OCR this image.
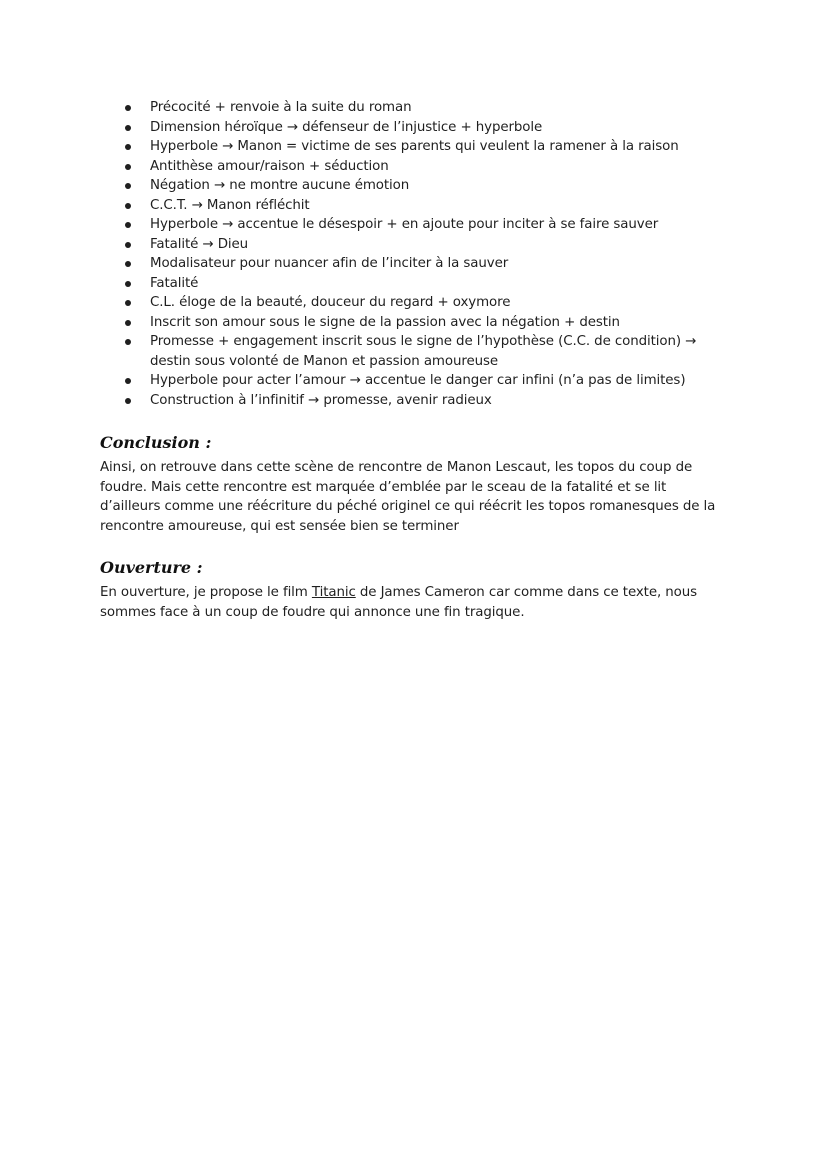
Précocité + renvoie à la suite du roman
Dimension héroïque → défenseur de l’injustice + hyperbole
Hyperbole → Manon = victime de ses parents qui veulent la ramener à la raison
Antithèse amour/raison + séduction
Négation → ne montre aucune émotion
C.C.T. → Manon réfléchit
Hyperbole → accentue le désespoir + en ajoute pour inciter à se faire sauver
Fatalité → Dieu
Modalisateur pour nuancer afin de l’inciter à la sauver
Fatalité
C.L. éloge de la beauté, douceur du regard + oxymore
Inscrit son amour sous le signe de la passion avec la négation + destin
Promesse + engagement inscrit sous le signe de l’hypothèse (C.C. de condition) → destin sous volonté de Manon et passion amoureuse
Hyperbole pour acter l’amour → accentue le danger car infini (n’a pas de limites)
Construction à l’infinitif → promesse, avenir radieux
Conclusion :

Ainsi, on retrouve dans cette scène de rencontre de Manon Lescaut, les topos du coup de foudre. Mais cette rencontre est marquée d’emblée par le sceau de la fatalité et se lit d’ailleurs comme une réécriture du péché originel ce qui réécrit les topos romanesques de la rencontre amoureuse, qui est sensée bien se terminer

Ouverture :

En ouverture, je propose le film Titanic de James Cameron car comme dans ce texte, nous sommes face à un coup de foudre qui annonce une fin tragique.
